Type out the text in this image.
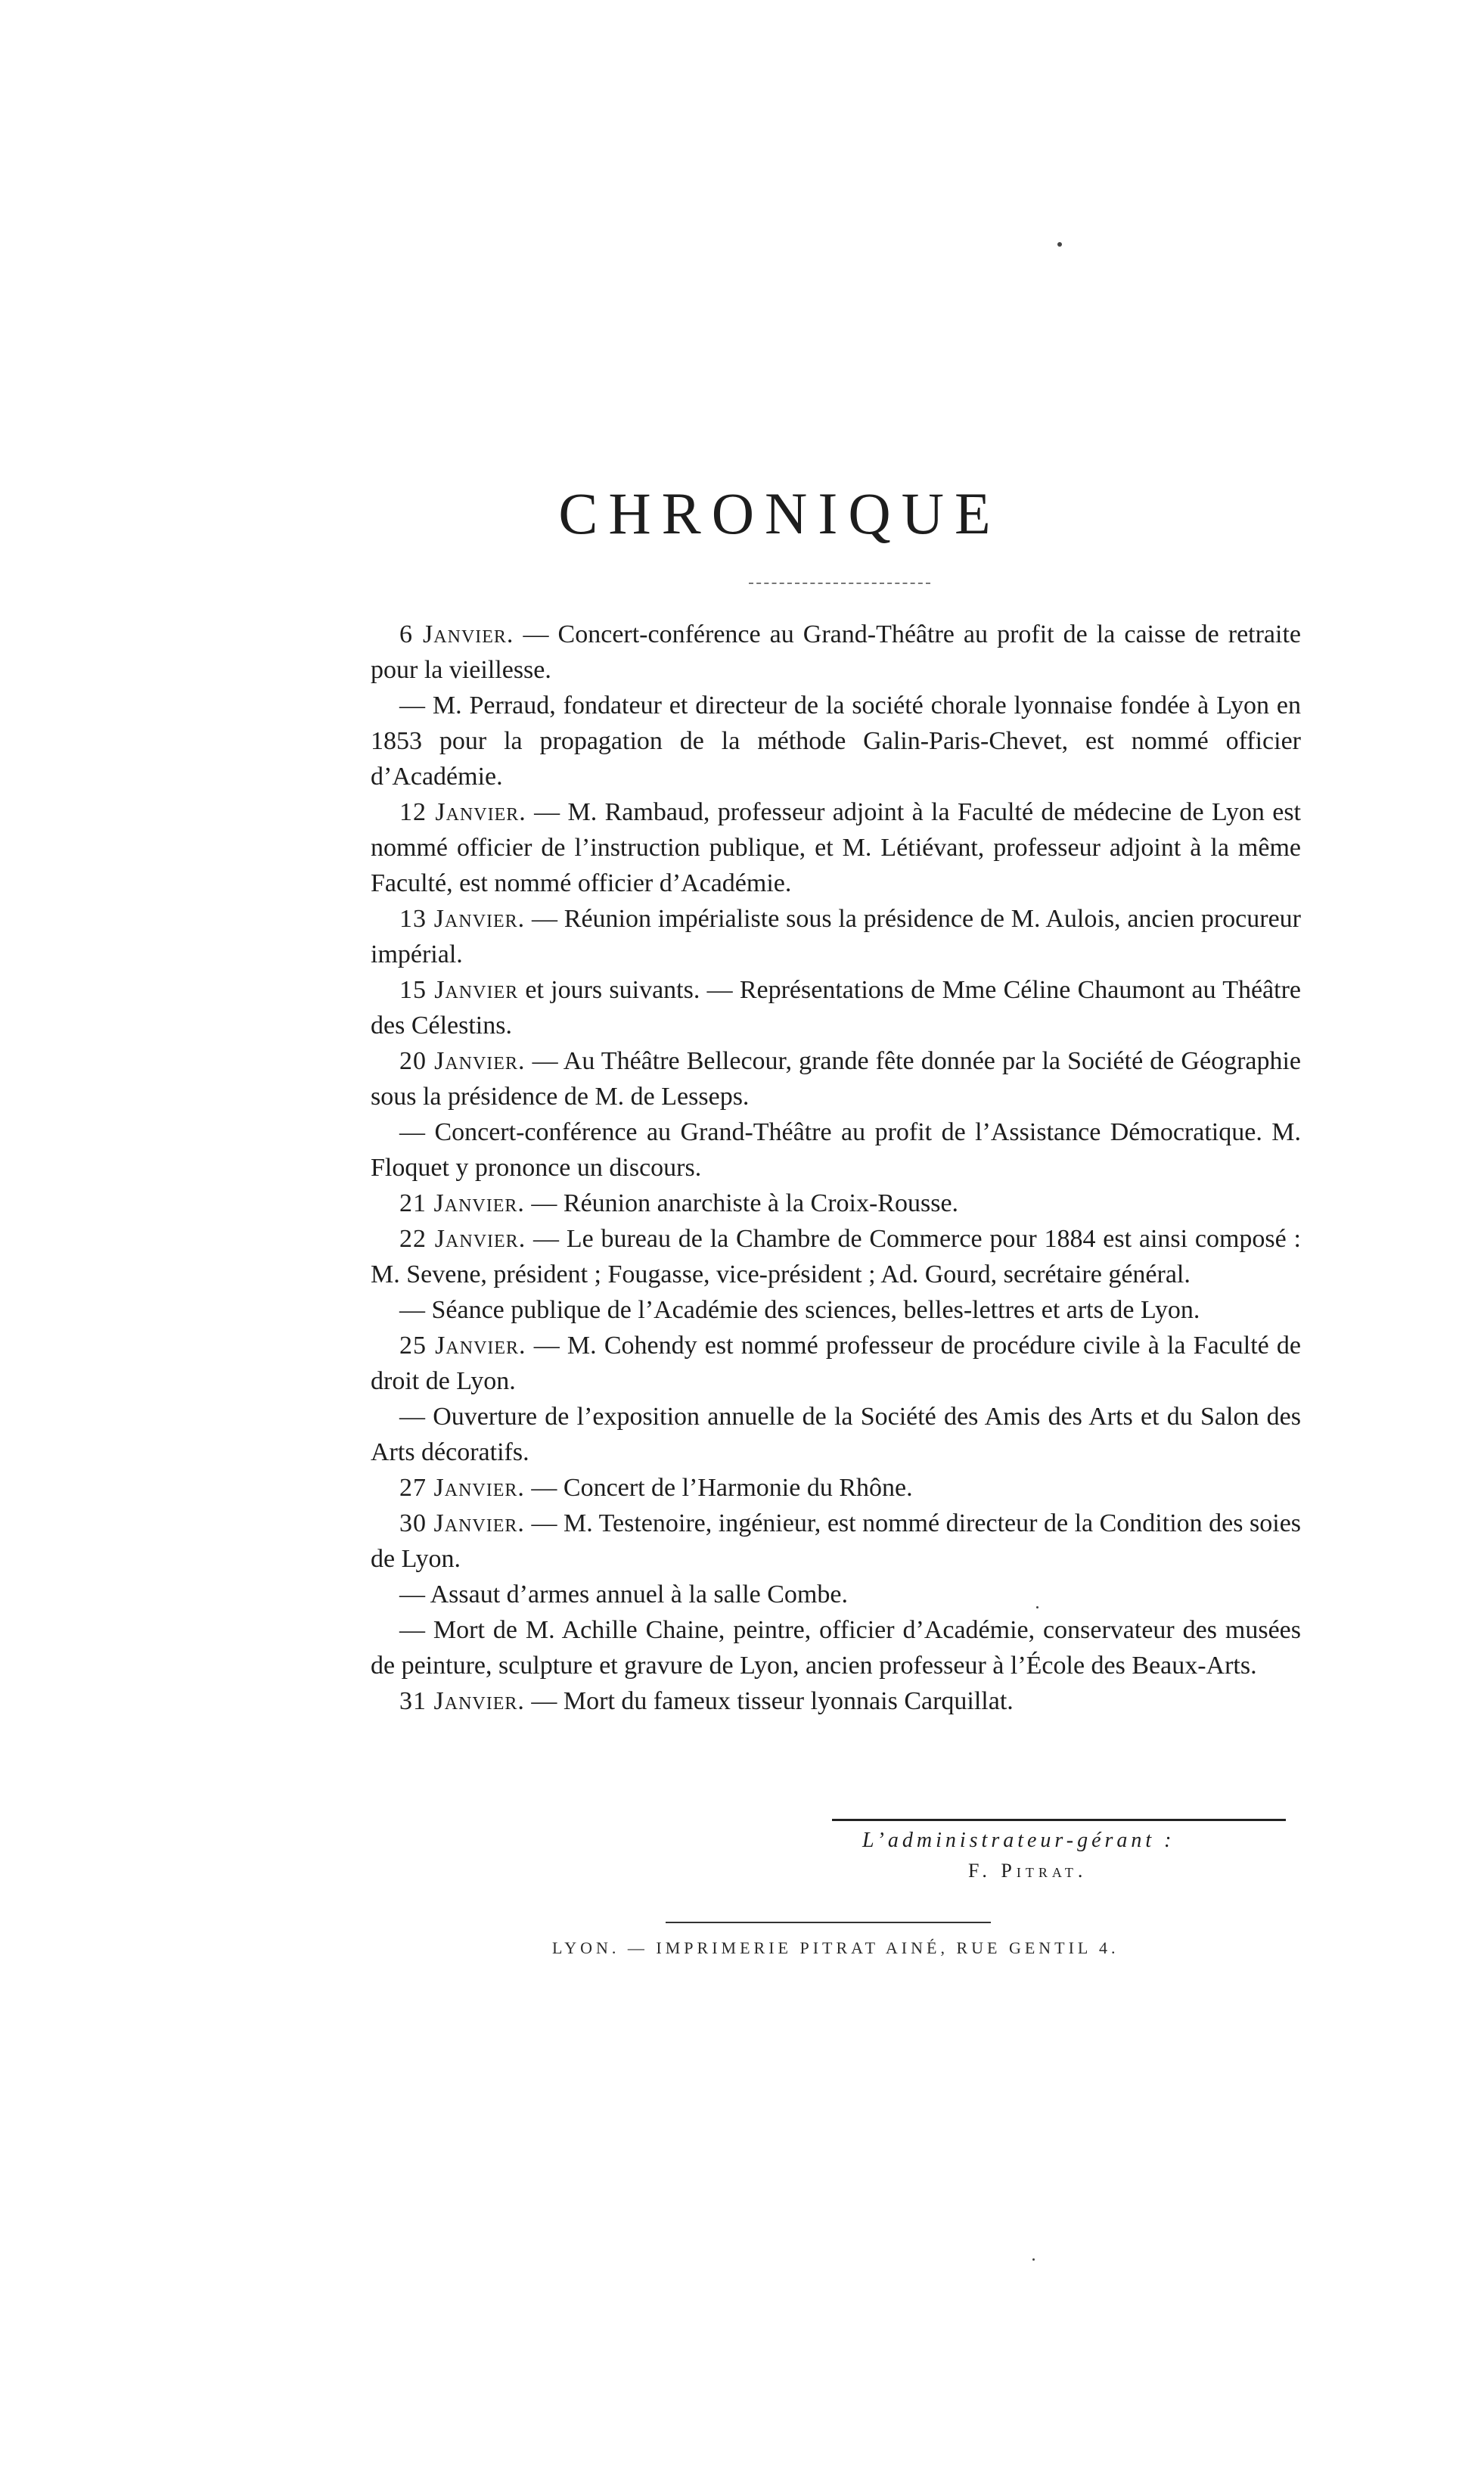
CHRONIQUE

6 Janvier. — Concert-conférence au Grand-Théâtre au profit de la caisse de retraite pour la vieillesse.

— M. Perraud, fondateur et directeur de la société chorale lyonnaise fondée à Lyon en 1853 pour la propagation de la méthode Galin-Paris-Chevet, est nommé officier d’Académie.

12 Janvier. — M. Rambaud, professeur adjoint à la Faculté de médecine de Lyon est nommé officier de l’instruction publique, et M. Létiévant, professeur adjoint à la même Faculté, est nommé officier d’Académie.

13 Janvier. — Réunion impérialiste sous la présidence de M. Aulois, ancien procureur impérial.

15 Janvier et jours suivants. — Représentations de Mme Céline Chaumont au Théâtre des Célestins.

20 Janvier. — Au Théâtre Bellecour, grande fête donnée par la Société de Géographie sous la présidence de M. de Lesseps.

— Concert-conférence au Grand-Théâtre au profit de l’Assistance Démocratique. M. Floquet y prononce un discours.

21 Janvier. — Réunion anarchiste à la Croix-Rousse.

22 Janvier. — Le bureau de la Chambre de Commerce pour 1884 est ainsi composé : M. Sevene, président ; Fougasse, vice-président ; Ad. Gourd, secrétaire général.

— Séance publique de l’Académie des sciences, belles-lettres et arts de Lyon.

25 Janvier. — M. Cohendy est nommé professeur de procédure civile à la Faculté de droit de Lyon.

— Ouverture de l’exposition annuelle de la Société des Amis des Arts et du Salon des Arts décoratifs.

27 Janvier. — Concert de l’Harmonie du Rhône.

30 Janvier. — M. Testenoire, ingénieur, est nommé directeur de la Condition des soies de Lyon.

— Assaut d’armes annuel à la salle Combe.

— Mort de M. Achille Chaine, peintre, officier d’Académie, conservateur des musées de peinture, sculpture et gravure de Lyon, ancien professeur à l’École des Beaux-Arts.

31 Janvier. — Mort du fameux tisseur lyonnais Carquillat.

L’administrateur-gérant :
F. Pitrat.
LYON. — IMPRIMERIE PITRAT AINÉ, RUE GENTIL 4.
